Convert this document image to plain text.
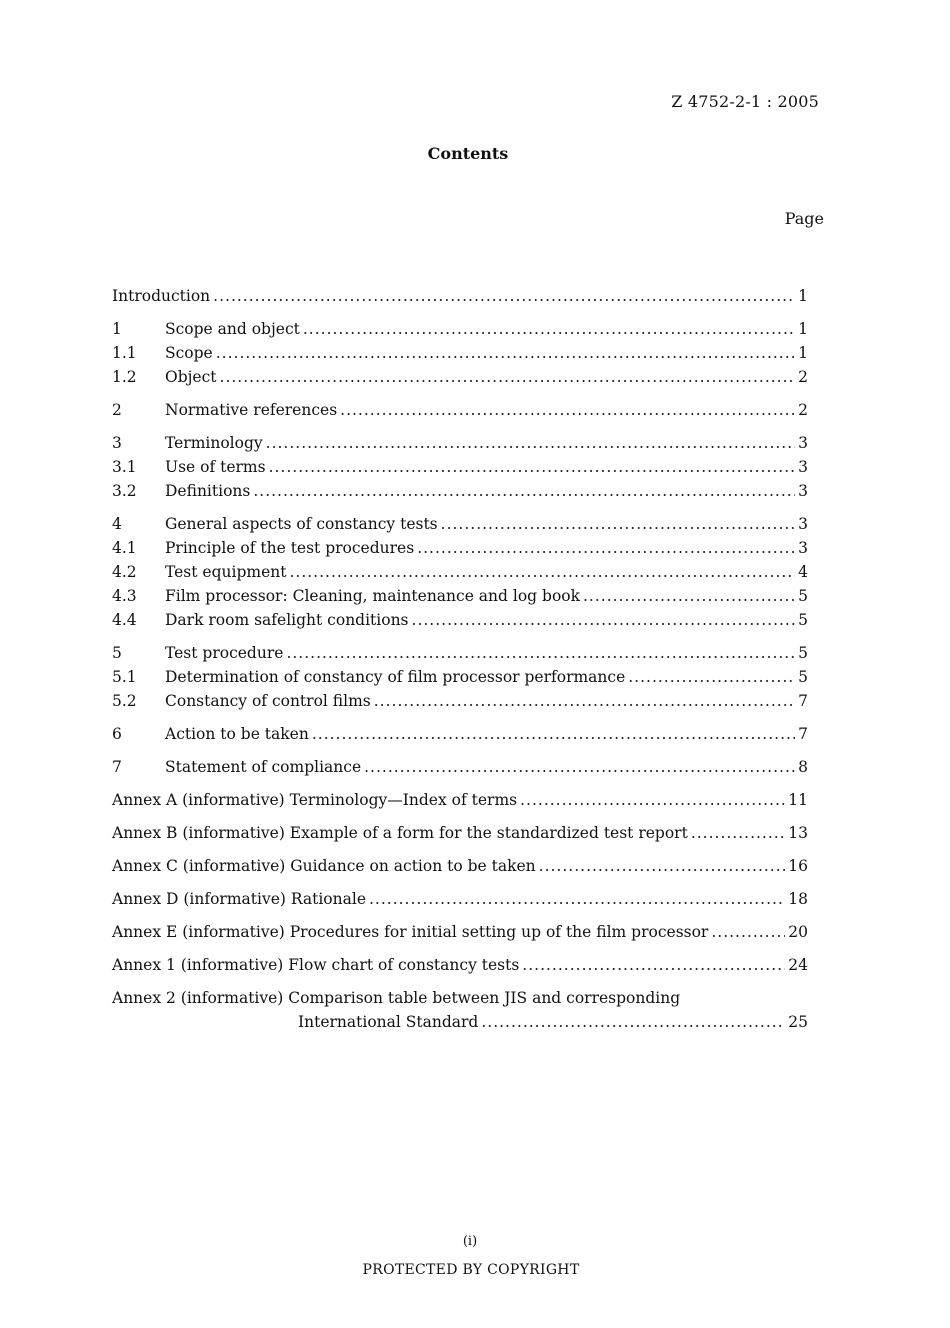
Z 4752-2-1 : 2005
Contents
Page
Introduction .....	1
1	Scope and object .....	1
1.1	Scope .....	1
1.2	Object .....	2
2	Normative references .....	2
3	Terminology .....	3
3.1	Use of terms .....	3
3.2	Definitions .....	3
4	General aspects of constancy tests .....	3
4.1	Principle of the test procedures .....	3
4.2	Test equipment .....	4
4.3	Film processor: Cleaning, maintenance and log book .....	5
4.4	Dark room safelight conditions .....	5
5	Test procedure .....	5
5.1	Determination of constancy of film processor performance .....	5
5.2	Constancy of control films .....	7
6	Action to be taken .....	7
7	Statement of compliance .....	8
Annex A (informative) Terminology—Index of terms .....	11
Annex B (informative) Example of a form for the standardized test report .....	13
Annex C (informative) Guidance on action to be taken .....	16
Annex D (informative) Rationale .....	18
Annex E (informative) Procedures for initial setting up of the film processor .....	20
Annex 1 (informative) Flow chart of constancy tests .....	24
Annex 2 (informative) Comparison table between JIS and corresponding
International Standard .....	25
(i)
PROTECTED BY COPYRIGHT
